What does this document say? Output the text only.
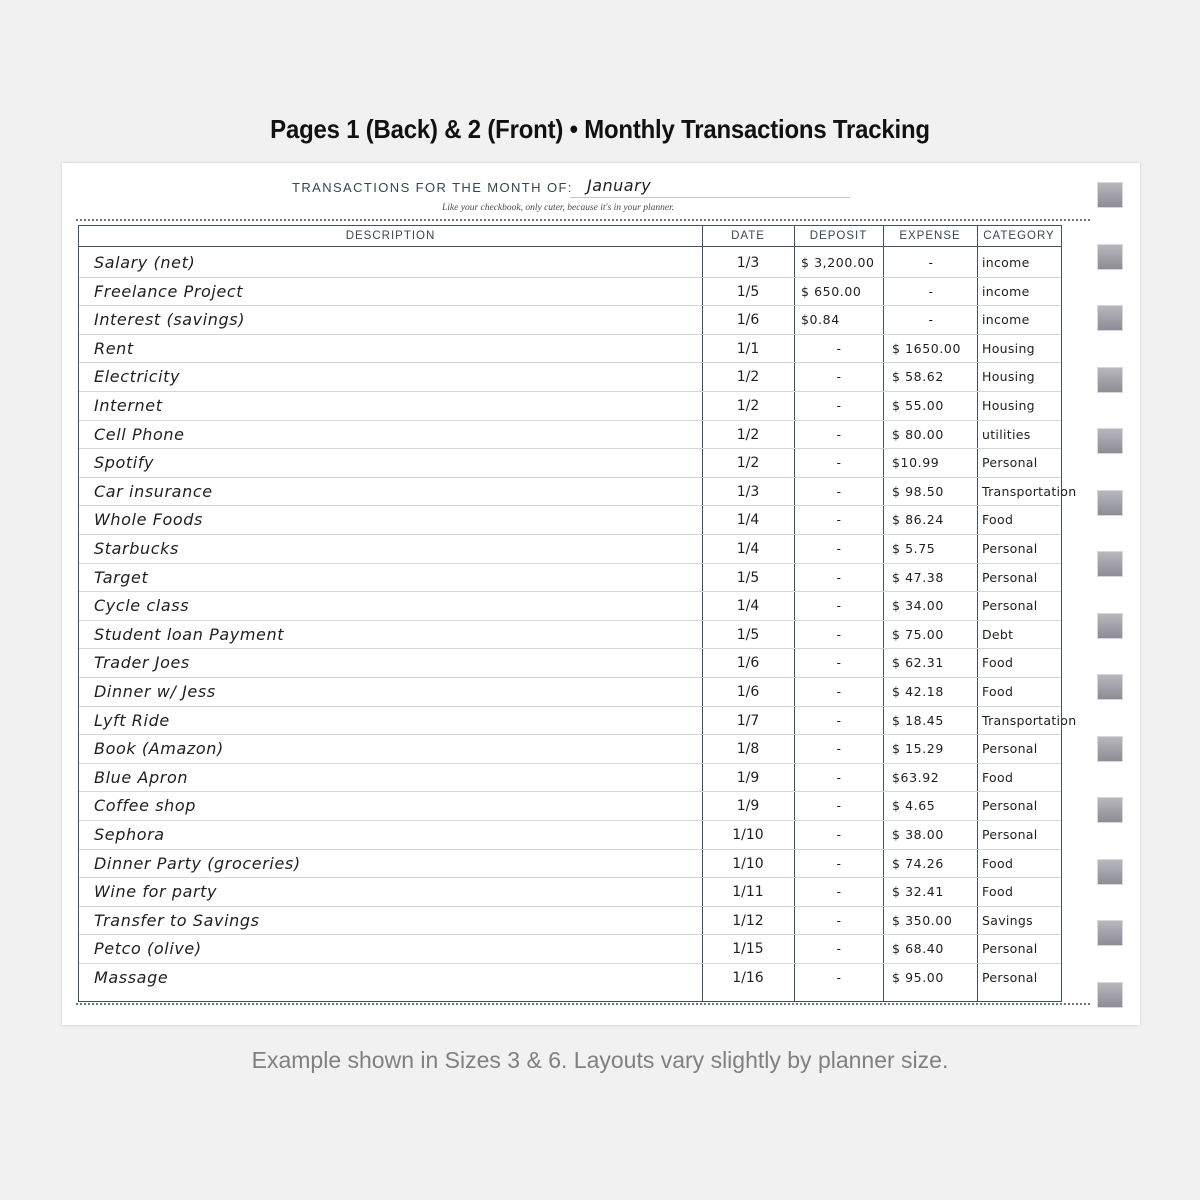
Pages 1 (Back) & 2 (Front) • Monthly Transactions Tracking
TRANSACTIONS FOR THE MONTH OF: January
Like your checkbook, only cuter, because it's in your planner.
DESCRIPTION	DATE	DEPOSIT	EXPENSE	CATEGORY
Salary (net)	1/3	$ 3,200.00	-	income
Freelance Project	1/5	$ 650.00	-	income
Interest (savings)	1/6	$0.84	-	income
Rent	1/1	-	$ 1650.00	Housing
Electricity	1/2	-	$ 58.62	Housing
Internet	1/2	-	$ 55.00	Housing
Cell Phone	1/2	-	$ 80.00	utilities
Spotify	1/2	-	$10.99	Personal
Car insurance	1/3	-	$ 98.50	Transportation
Whole Foods	1/4	-	$ 86.24	Food
Starbucks	1/4	-	$ 5.75	Personal
Target	1/5	-	$ 47.38	Personal
Cycle class	1/4	-	$ 34.00	Personal
Student loan Payment	1/5	-	$ 75.00	Debt
Trader Joes	1/6	-	$ 62.31	Food
Dinner w/ Jess	1/6	-	$ 42.18	Food
Lyft Ride	1/7	-	$ 18.45	Transportation
Book (Amazon)	1/8	-	$ 15.29	Personal
Blue Apron	1/9	-	$63.92	Food
Coffee shop	1/9	-	$ 4.65	Personal
Sephora	1/10	-	$ 38.00	Personal
Dinner Party (groceries)	1/10	-	$ 74.26	Food
Wine for party	1/11	-	$ 32.41	Food
Transfer to Savings	1/12	-	$ 350.00	Savings
Petco (olive)	1/15	-	$ 68.40	Personal
Massage	1/16	-	$ 95.00	Personal
Example shown in Sizes 3 & 6. Layouts vary slightly by planner size.
